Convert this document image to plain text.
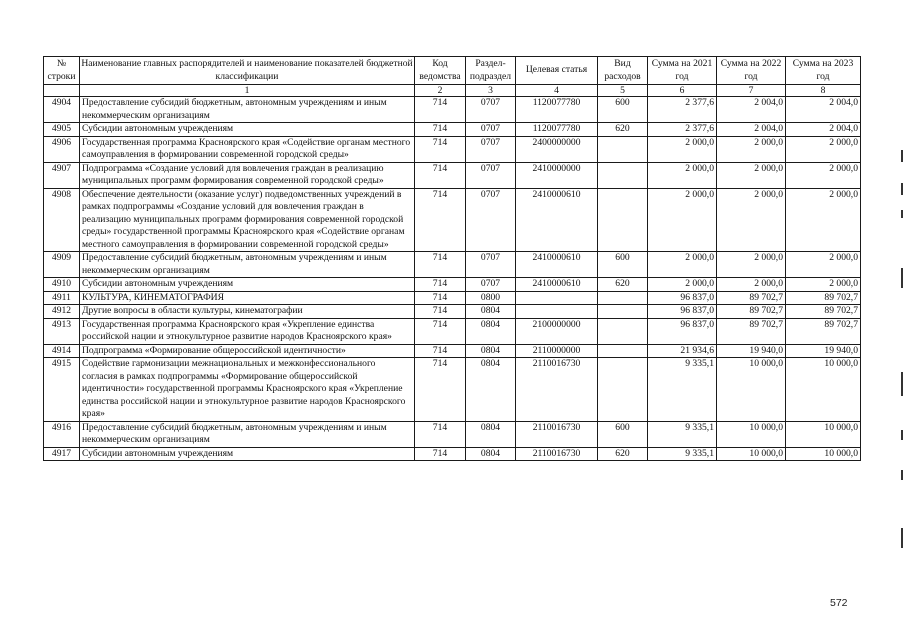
№ строки	Наименование главных распорядителей и наименование показателей бюджетной классификации	Код ведомства	Раздел-подраздел	Целевая статья	Вид расходов	Сумма на 2021 год	Сумма на 2022 год	Сумма на 2023 год
	1	2	3	4	5	6	7	8
4904	Предоставление субсидий бюджетным, автономным учреждениям и иным некоммерческим организациям	714	0707	1120077780	600	2 377,6	2 004,0	2 004,0
4905	Субсидии автономным учреждениям	714	0707	1120077780	620	2 377,6	2 004,0	2 004,0
4906	Государственная программа Красноярского края «Содействие органам местного самоуправления в формировании современной городской среды»	714	0707	2400000000		2 000,0	2 000,0	2 000,0
4907	Подпрограмма «Создание условий для вовлечения граждан в реализацию муниципальных программ формирования современной городской среды»	714	0707	2410000000		2 000,0	2 000,0	2 000,0
4908	Обеспечение деятельности (оказание услуг) подведомственных учреждений в рамках подпрограммы «Создание условий для вовлечения граждан в реализацию муниципальных программ формирования современной городской среды» государственной программы Красноярского края «Содействие органам местного самоуправления в формировании современной городской среды»	714	0707	2410000610		2 000,0	2 000,0	2 000,0
4909	Предоставление субсидий бюджетным, автономным учреждениям и иным некоммерческим организациям	714	0707	2410000610	600	2 000,0	2 000,0	2 000,0
4910	Субсидии автономным учреждениям	714	0707	2410000610	620	2 000,0	2 000,0	2 000,0
4911	КУЛЬТУРА, КИНЕМАТОГРАФИЯ	714	0800			96 837,0	89 702,7	89 702,7
4912	Другие вопросы в области культуры, кинематографии	714	0804			96 837,0	89 702,7	89 702,7
4913	Государственная программа Красноярского края «Укрепление единства российской нации и этнокультурное развитие народов Красноярского края»	714	0804	2100000000		96 837,0	89 702,7	89 702,7
4914	Подпрограмма «Формирование общероссийской идентичности»	714	0804	2110000000		21 934,6	19 940,0	19 940,0
4915	Содействие гармонизации межнациональных и межконфессионального согласия в рамках подпрограммы «Формирование общероссийской идентичности» государственной программы Красноярского края «Укрепление единства российской нации и этнокультурное развитие народов Красноярского края»	714	0804	2110016730		9 335,1	10 000,0	10 000,0
4916	Предоставление субсидий бюджетным, автономным учреждениям и иным некоммерческим организациям	714	0804	2110016730	600	9 335,1	10 000,0	10 000,0
4917	Субсидии автономным учреждениям	714	0804	2110016730	620	9 335,1	10 000,0	10 000,0
572
